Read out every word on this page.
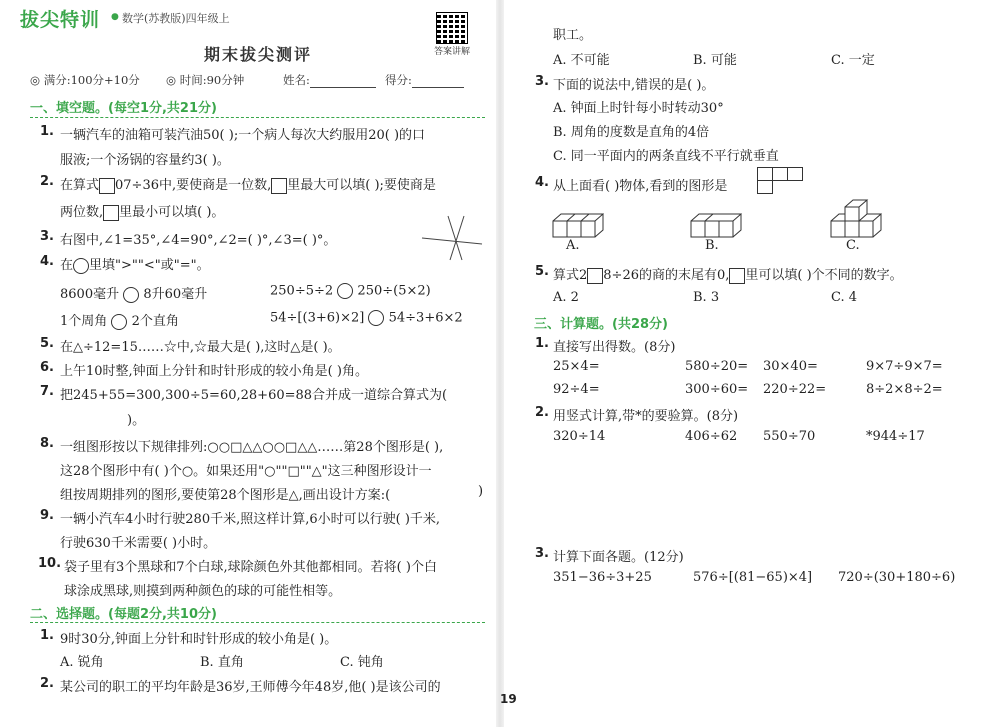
拔尖特训 ● 数学(苏教版)四年级上
答案讲解
期末拔尖测评
◎ 满分:100分+10分 ◎ 时间:90分钟	姓名:	得分:
一、填空题。(每空1分,共21分)
1. 一辆汽车的油箱可装汽油50( );一个病人每次大约服用20( )的口
服液;一个汤锅的容量约3( )。
2. 在算式 07÷36中,要使商是一位数, 里最大可以填( );要使商是
两位数, 里最小可以填( )。
3. 右图中,∠1=35°,∠4=90°,∠2=( )°,∠3=( )°。
4. 在 里填">""<"或"="。
8600毫升 8升60毫升	250÷5÷2 250÷(5×2)
1个周角 2个直角	54÷[(3+6)×2] 54÷3+6×2
5. 在△÷12=15……☆中,☆最大是( ),这时△是( )。
6. 上午10时整,钟面上分针和时针形成的较小角是( )角。
7. 把245+55=300,300÷5=60,28+60=88合并成一道综合算式为(
)。
8. 一组图形按以下规律排列:○○□△△○○□△△……第28个图形是( ),
这28个图形中有( )个○。如果还用"○""□""△"这三种图形设计一
组按周期排列的图形,要使第28个图形是△,画出设计方案:(	)
9. 一辆小汽车4小时行驶280千米,照这样计算,6小时可以行驶( )千米,
行驶630千米需要( )小时。
10. 袋子里有3个黑球和7个白球,球除颜色外其他都相同。若将( )个白
球涂成黑球,则摸到两种颜色的球的可能性相等。
二、选择题。(每题2分,共10分)
1. 9时30分,钟面上分针和时针形成的较小角是( )。
A. 锐角	B. 直角	C. 钝角
2. 某公司的职工的平均年龄是36岁,王师傅今年48岁,他( )是该公司的
职工。
A. 不可能	B. 可能	C. 一定
3. 下面的说法中,错误的是( )。
A. 钟面上时针每小时转动30°
B. 周角的度数是直角的4倍
C. 同一平面内的两条直线不平行就垂直
4. 从上面看( )物体,看到的图形是
A.	B.	C.
5. 算式2 8÷26的商的末尾有0, 里可以填( )个不同的数字。
A. 2	B. 3	C. 4
三、计算题。(共28分)
1. 直接写出得数。(8分)
25×4=	580÷20= 30×40=	9×7÷9×7=
92÷4=	300÷60= 220÷22=	8÷2×8÷2=
2. 用竖式计算,带*的要验算。(8分)
320÷14	406÷62 550÷70	*944÷17
3. 计算下面各题。(12分)
351−36÷3+25	576÷[(81−65)×4] 720÷(30+180÷6)
19
